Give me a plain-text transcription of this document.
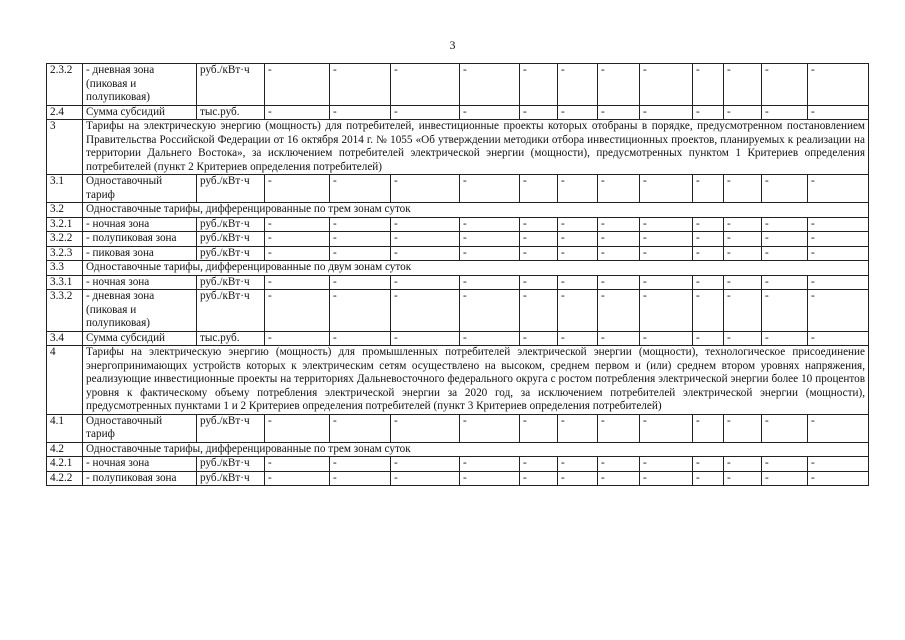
3
2.3.2	- дневная зона (пиковая и полупиковая)	руб./кВт·ч	-	-	-	-	-	-	-	-	-	-	-	-
2.4	Сумма субсидий	тыс.руб.	-	-	-	-	-	-	-	-	-	-	-	-
3	Тарифы на электрическую энергию (мощность) для потребителей, инвестиционные проекты которых отобраны в порядке, предусмотренном постановлением Правительства Российской Федерации от 16 октября 2014 г. № 1055 «Об утверждении методики отбора инвестиционных проектов, планируемых к реализации на территории Дальнего Востока», за исключением потребителей электрической энергии (мощности), предусмотренных пунктом 1 Критериев определения потребителей (пункт 2 Критериев определения потребителей)													
3.1	Одноставочный тариф	руб./кВт·ч	-	-	-	-	-	-	-	-	-	-	-	-
3.2	Одноставочные тарифы, дифференцированные по трем зонам суток													
3.2.1	- ночная зона	руб./кВт·ч	-	-	-	-	-	-	-	-	-	-	-	-
3.2.2	- полупиковая зона	руб./кВт·ч	-	-	-	-	-	-	-	-	-	-	-	-
3.2.3	- пиковая зона	руб./кВт·ч	-	-	-	-	-	-	-	-	-	-	-	-
3.3	Одноставочные тарифы, дифференцированные по двум зонам суток													
3.3.1	- ночная зона	руб./кВт·ч	-	-	-	-	-	-	-	-	-	-	-	-
3.3.2	- дневная зона (пиковая и полупиковая)	руб./кВт·ч	-	-	-	-	-	-	-	-	-	-	-	-
3.4	Сумма субсидий	тыс.руб.	-	-	-	-	-	-	-	-	-	-	-	-
4	Тарифы на электрическую энергию (мощность) для промышленных потребителей электрической энергии (мощности), технологическое присоединение энергопринимающих устройств которых к электрическим сетям осуществлено на высоком, среднем первом и (или) среднем втором уровнях напряжения, реализующие инвестиционные проекты на территориях Дальневосточного федерального округа с ростом потребления электрической энергии более 10 процентов уровня к фактическому объему потребления электрической энергии за 2020 год, за исключением потребителей электрической энергии (мощности), предусмотренных пунктами 1 и 2 Критериев определения потребителей (пункт 3 Критериев определения потребителей)													
4.1	Одноставочный тариф	руб./кВт·ч	-	-	-	-	-	-	-	-	-	-	-	-
4.2	Одноставочные тарифы, дифференцированные по трем зонам суток													
4.2.1	- ночная зона	руб./кВт·ч	-	-	-	-	-	-	-	-	-	-	-	-
4.2.2	- полупиковая зона	руб./кВт·ч	-	-	-	-	-	-	-	-	-	-	-	-
